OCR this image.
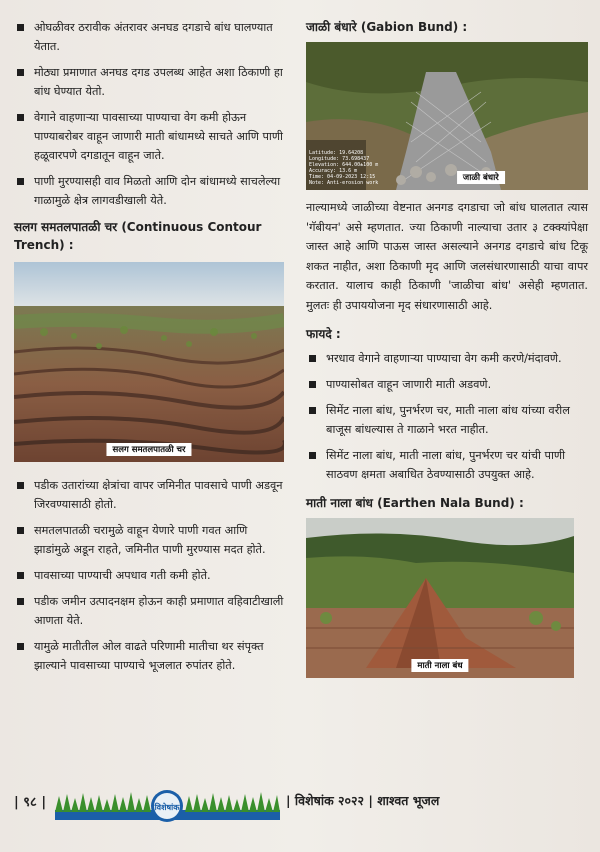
ओघळीवर ठरावीक अंतरावर अनघड दगडाचे बांध घालण्यात येतात.
मोठ्या प्रमाणात अनघड दगड उपलब्ध आहेत अशा ठिकाणी हा बांध घेण्यात येतो.
वेगाने वाहणाऱ्या पावसाच्या पाण्याचा वेग कमी होऊन पाण्याबरोबर वाहून जाणारी माती बांधामध्ये साचते आणि पाणी हळूवारपणे दगडातून वाहून जाते.
पाणी मुरण्यासही वाव मिळतो आणि दोन बांधामध्ये साचलेल्या गाळामुळे क्षेत्र लागवडीखाली येते.

सलग समतलपातळी चर (Continuous Contour Trench) :

सलग समतलपातळी चर
पडीक उतारांच्या क्षेत्रांचा वापर जमिनीत पावसाचे पाणी अडवून जिरवण्यासाठी होतो.
समतलपातळी चरामुळे वाहून येणारे पाणी गवत आणि झाडांमुळे अडून राहते, जमिनीत पाणी मुरण्यास मदत होते.
पावसाच्या पाण्याची अपधाव गती कमी होते.
पडीक जमीन उत्पादनक्षम होऊन काही प्रमाणात वहिवाटीखाली आणता येते.
यामुळे मातीतील ओल वाढते परिणामी मातीचा थर संपृक्त झाल्याने पावसाच्या पाण्याचे भूजलात रुपांतर होते.

जाळी बंधारे (Gabion Bund) :

Latitude: 19.64208
Longitude: 73.698437
Elevation: 644.00±100 m
Accuracy: 13.6 m
Time: 04-09-2023 12:15
Note: Anti-erosion work	जाळी बंधारे

नाल्यामध्ये जाळीच्या वेष्टनात अनगड दगडाचा जो बांध घालतात त्यास 'गॅबीयन' असे म्हणतात. ज्या ठिकाणी नाल्याचा उतार ३ टक्क्यांपेक्षा जास्त आहे आणि पाऊस जास्त असल्याने अनगड दगडाचे बांध टिकू शकत नाहीत, अशा ठिकाणी मृद आणि जलसंधारणासाठी याचा वापर करतात. यालाच काही ठिकाणी 'जाळीचा बांध' असेही म्हणतात. मुलतः ही उपाययोजना मृद संधारणासाठी आहे.

फायदे :

भरधाव वेगाने वाहणाऱ्या पाण्याचा वेग कमी करणे/मंदावणे.
पाण्यासोबत वाहून जाणारी माती अडवणे.
सिमेंट नाला बांध, पुनर्भरण चर, माती नाला बांध यांच्या वरील बाजूस बांधल्यास ते गाळाने भरत नाहीत.
सिमेंट नाला बांध, माती नाला बांध, पुनर्भरण चर यांची पाणी साठवण क्षमता अबाधित ठेवण्यासाठी उपयुक्त आहे.

माती नाला बांध (Earthen Nala Bund) :

माती नाला बंध
| ९८ |	विशेषांक	| विशेषांक २०२२ | शाश्वत भूजल
